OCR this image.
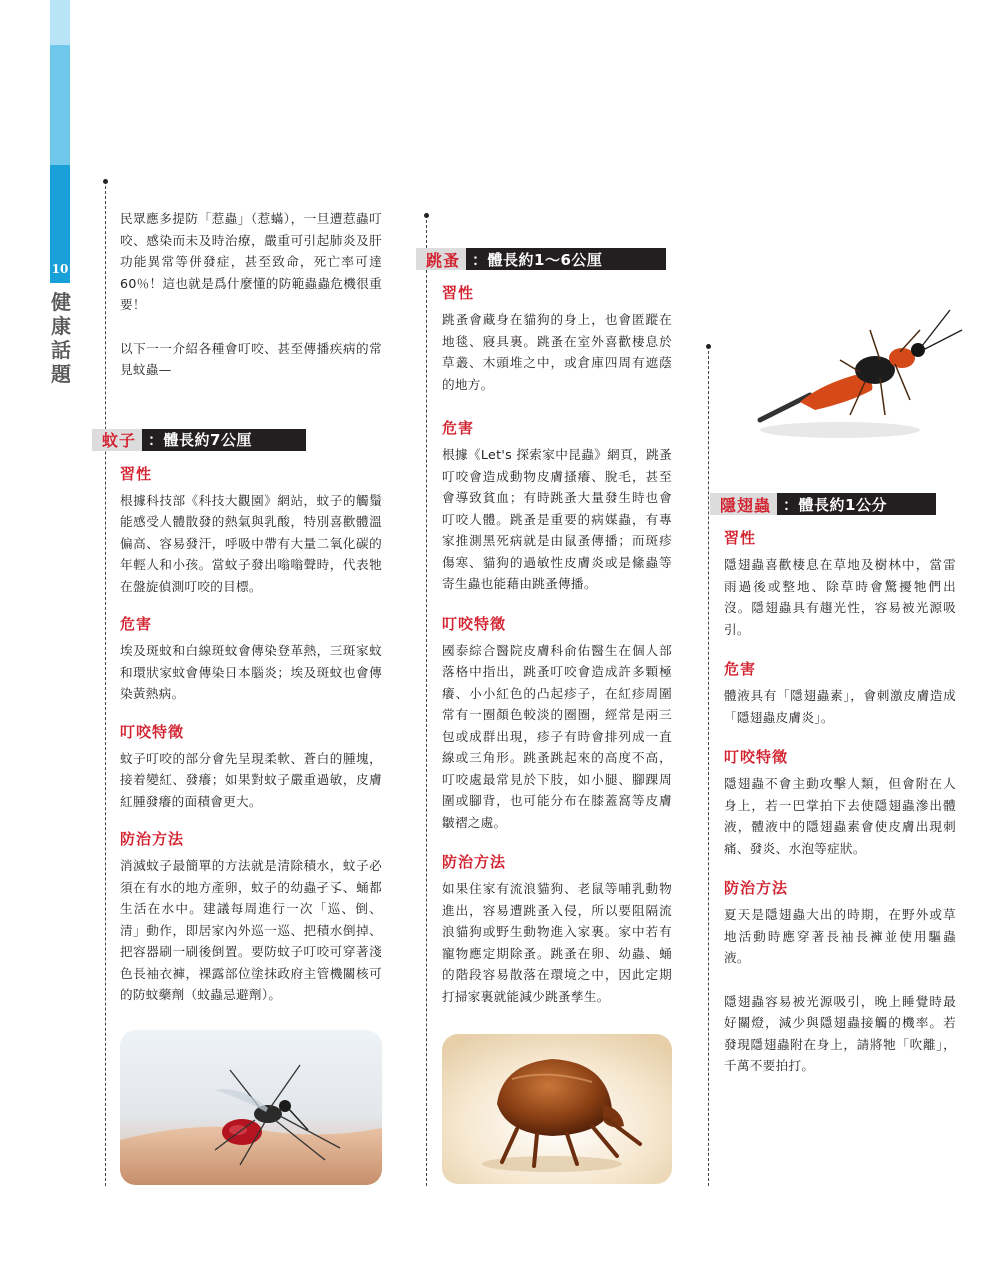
10
健康話題

民眾應多提防「惹蟲」（惹蟎），一旦遭惹蟲叮咬、感染而未及時治療，嚴重可引起肺炎及肝功能異常等併發症，甚至致命，死亡率可達60％！這也就是爲什麼懂的防範蟲蟲危機很重要！

以下一一介紹各種會叮咬、甚至傳播疾病的常見蚊蟲—

蚊子 ：體長約7公厘
習性

根據科技部《科技大觀園》網站，蚊子的觸鬚能感受人體散發的熱氣與乳酸，特別喜歡體溫偏高、容易發汗，呼吸中帶有大量二氧化碳的年輕人和小孩。當蚊子發出嗡嗡聲時，代表牠在盤旋偵測叮咬的目標。

危害

埃及斑蚊和白線斑蚊會傳染登革熱，三斑家蚊和環狀家蚊會傳染日本腦炎；埃及斑蚊也會傳染黃熱病。

叮咬特徵

蚊子叮咬的部分會先呈現柔軟、蒼白的腫塊，接着變紅、發癢；如果對蚊子嚴重過敏，皮膚紅腫發癢的面積會更大。

防治方法

消滅蚊子最簡單的方法就是清除積水，蚊子必須在有水的地方產卵，蚊子的幼蟲孑孓、蛹都生活在水中。建議每周進行一次「巡、倒、清」動作，即居家內外巡一巡、把積水倒掉、把容器刷一刷後倒置。要防蚊子叮咬可穿著淺色長袖衣褲，裸露部位塗抹政府主管機關核可的防蚊藥劑（蚊蟲忌避劑）。

跳蚤 ：體長約1～6公厘
習性

跳蚤會藏身在貓狗的身上，也會匿蹤在地毯、寢具裏。跳蚤在室外喜歡棲息於草叢、木頭堆之中，或倉庫四周有遮蔭的地方。

危害

根據《Let's 探索家中昆蟲》網頁，跳蚤叮咬會造成動物皮膚搔癢、脫毛，甚至會導致貧血；有時跳蚤大量發生時也會叮咬人體。跳蚤是重要的病媒蟲，有專家推測黑死病就是由鼠蚤傳播；而斑疹傷寒、貓狗的過敏性皮膚炎或是絛蟲等寄生蟲也能藉由跳蚤傳播。

叮咬特徵

國泰綜合醫院皮膚科俞佑醫生在個人部落格中指出，跳蚤叮咬會造成許多顆極癢、小小紅色的凸起疹子，在紅疹周圍常有一圈顏色較淡的圈圈，經常是兩三包或成群出現，疹子有時會排列成一直線或三角形。跳蚤跳起來的高度不高，叮咬處最常見於下肢，如小腿、腳踝周圍或腳背，也可能分布在膝蓋窩等皮膚皺褶之處。

防治方法

如果住家有流浪貓狗、老鼠等哺乳動物進出，容易遭跳蚤入侵，所以要阻隔流浪貓狗或野生動物進入家裏。家中若有寵物應定期除蚤。跳蚤在卵、幼蟲、蛹的階段容易散落在環境之中，因此定期打掃家裏就能減少跳蚤孳生。

隱翅蟲 ：體長約1公分
習性

隱翅蟲喜歡棲息在草地及樹林中，當雷雨過後或整地、除草時會驚擾牠們出沒。隱翅蟲具有趨光性，容易被光源吸引。

危害

體液具有「隱翅蟲素」，會刺激皮膚造成「隱翅蟲皮膚炎」。

叮咬特徵

隱翅蟲不會主動攻擊人類，但會附在人身上，若一巴掌拍下去使隱翅蟲滲出體液，體液中的隱翅蟲素會使皮膚出現刺痛、發炎、水泡等症狀。

防治方法

夏天是隱翅蟲大出的時期，在野外或草地活動時應穿著長袖長褲並使用驅蟲液。

隱翅蟲容易被光源吸引，晚上睡覺時最好關燈，減少與隱翅蟲接觸的機率。若發現隱翅蟲附在身上，請將牠「吹離」，千萬不要拍打。
